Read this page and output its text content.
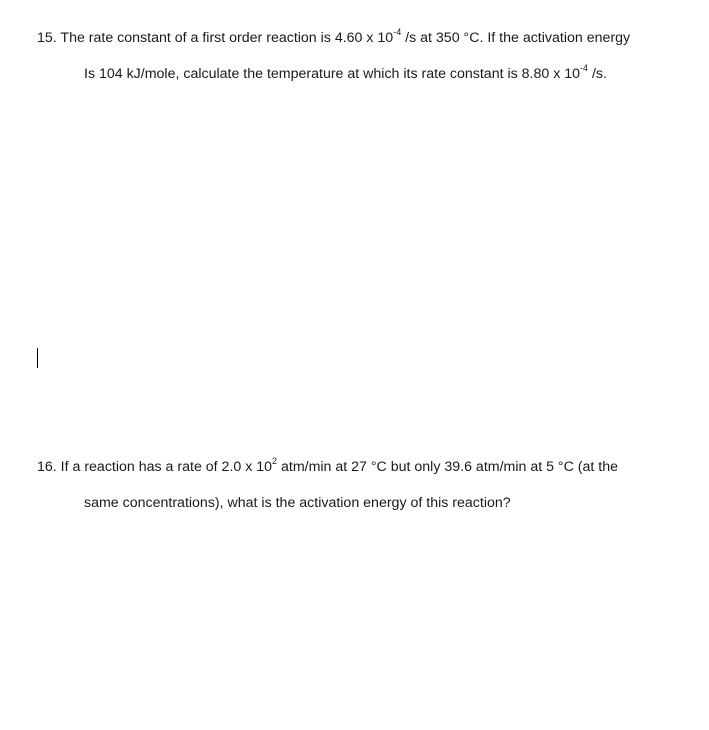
15. The rate constant of a first order reaction is 4.60 x $10^{-4}$ /s at 350 °C. If the activation energy
Is 104 kJ/mole, calculate the temperature at which its rate constant is 8.80 x $10^{-4}$ /s.
16. If a reaction has a rate of 2.0 x $10^2$ atm/min at 27 °C but only 39.6 atm/min at 5 °C (at the
same concentrations), what is the activation energy of this reaction?
